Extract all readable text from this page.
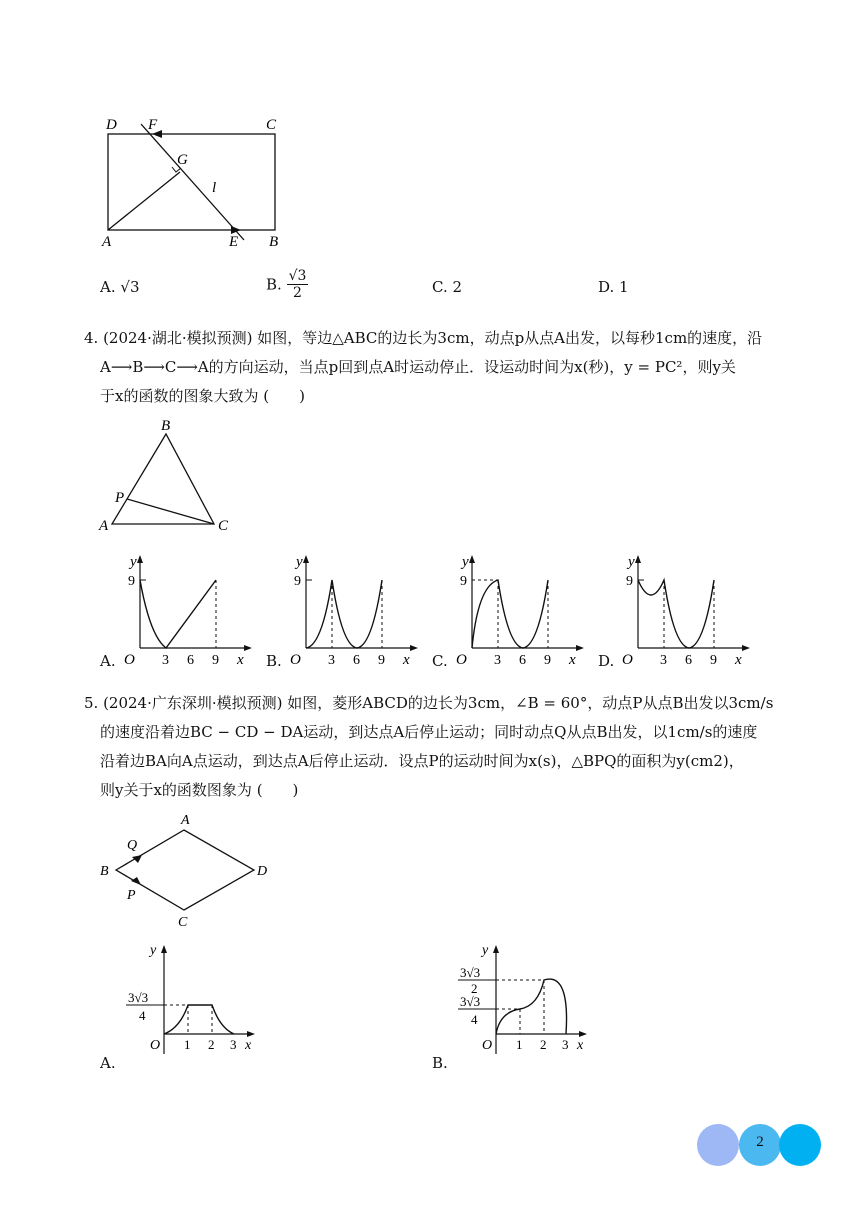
D F	C
G
l
A	E B
A. √3	B. $\frac{√3}{2}$	C. 2	D. 1
4. (2024·湖北·模拟预测) 如图，等边△ABC的边长为3cm，动点p从点A出发，以每秒1cm的速度，沿
A⟶B⟶C⟶A的方向运动，当点p回到点A时运动停止．设运动时间为x(秒)，y = PC²，则y关
于x的函数的图象大致为 (　　)
B
P
A	C
A.
y
9
O 3 6 9 x B.
y
9
O 3 6 9 x C.
y
9
O 3 6 9 x D.
y
9
O 3 6 9 x
5. (2024·广东深圳·模拟预测) 如图，菱形ABCD的边长为3cm，∠B = 60°，动点P从点B出发以3cm/s
的速度沿着边BC − CD − DA运动，到达点A后停止运动；同时动点Q从点B出发，以1cm/s的速度
沿着边BA向A点运动，到达点A后停止运动．设点P的运动时间为x(s)，△BPQ的面积为y(cm2)，
则y关于x的函数图象为 (　　)
A
B
C
D
Q
P
A.
y
3√3
4
O 1 2 3 x
B.
y
3√3
2
3√3
4
O 1 2 3 x
2
